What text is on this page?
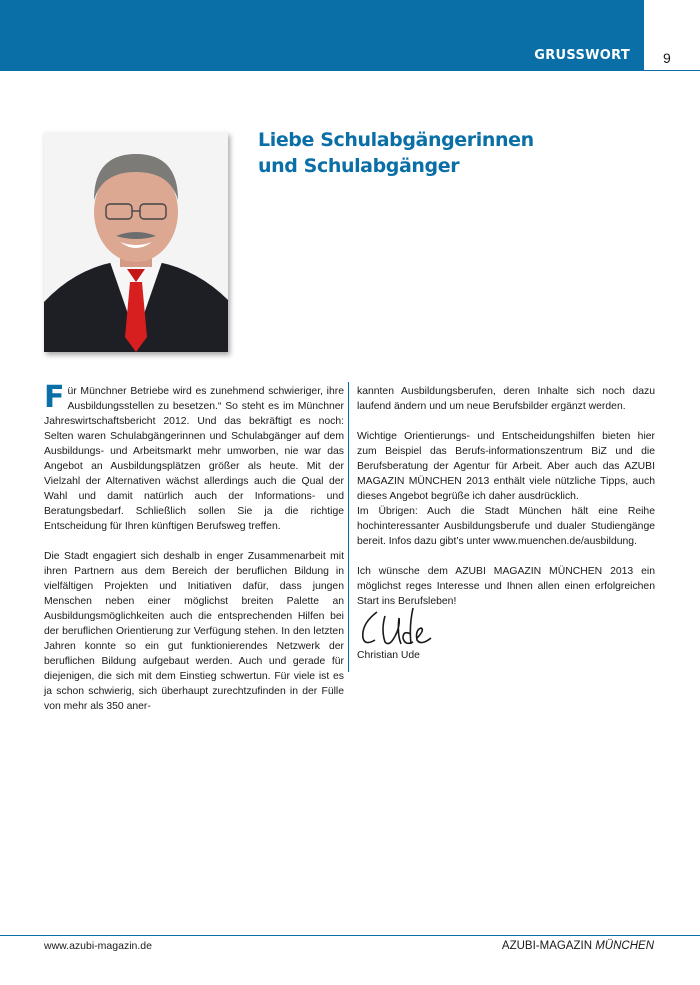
GRUSSWORT 9
Liebe Schulabgängerinnen
und Schulabgänger

F ür Münchner Betriebe wird es zunehmend schwieriger, ihre Ausbildungsstellen zu besetzen.“ So steht es im Münchner Jahreswirtschaftsbericht 2012. Und das bekräftigt es noch: Selten waren Schulabgängerinnen und Schulabgänger auf dem Ausbildungs- und Arbeitsmarkt mehr umworben, nie war das Angebot an Ausbildungsplätzen größer als heute. Mit der Vielzahl der Alternativen wächst allerdings auch die Qual der Wahl und damit natürlich auch der Informations- und Beratungsbedarf. Schließlich sollen Sie ja die richtige Entscheidung für Ihren künftigen Berufsweg treffen.

Die Stadt engagiert sich deshalb in enger Zusammenarbeit mit ihren Partnern aus dem Bereich der beruflichen Bildung in vielfältigen Projekten und Initiativen dafür, dass jungen Menschen neben einer möglichst breiten Palette an Ausbildungsmöglichkeiten auch die entsprechenden Hilfen bei der beruflichen Orientierung zur Verfügung stehen. In den letzten Jahren konnte so ein gut funktionierendes Netzwerk der beruflichen Bildung aufgebaut werden. Auch und gerade für diejenigen, die sich mit dem Einstieg schwertun. Für viele ist es ja schon schwierig, sich überhaupt zurechtzufinden in der Fülle von mehr als 350 aner-

kannten Ausbildungsberufen, deren Inhalte sich noch dazu laufend ändern und um neue Berufsbilder ergänzt werden.

Wichtige Orientierungs- und Entscheidungshilfen bieten hier zum Beispiel das Berufs-informationszentrum BiZ und die Berufsberatung der Agentur für Arbeit. Aber auch das AZUBI MAGAZIN MÜNCHEN 2013 enthält viele nützliche Tipps, auch dieses Angebot begrüße ich daher ausdrücklich.
Im Übrigen: Auch die Stadt München hält eine Reihe hochinteressanter Ausbildungsberufe und dualer Studiengänge bereit. Infos dazu gibt’s unter www.muenchen.de/ausbildung.

Ich wünsche dem AZUBI MAGAZIN MÜNCHEN 2013 ein möglichst reges Interesse und Ihnen allen einen erfolgreichen Start ins Berufsleben!

Christian Ude
www.azubi-magazin.de	AZUBI-MAGAZIN MÜNCHEN
